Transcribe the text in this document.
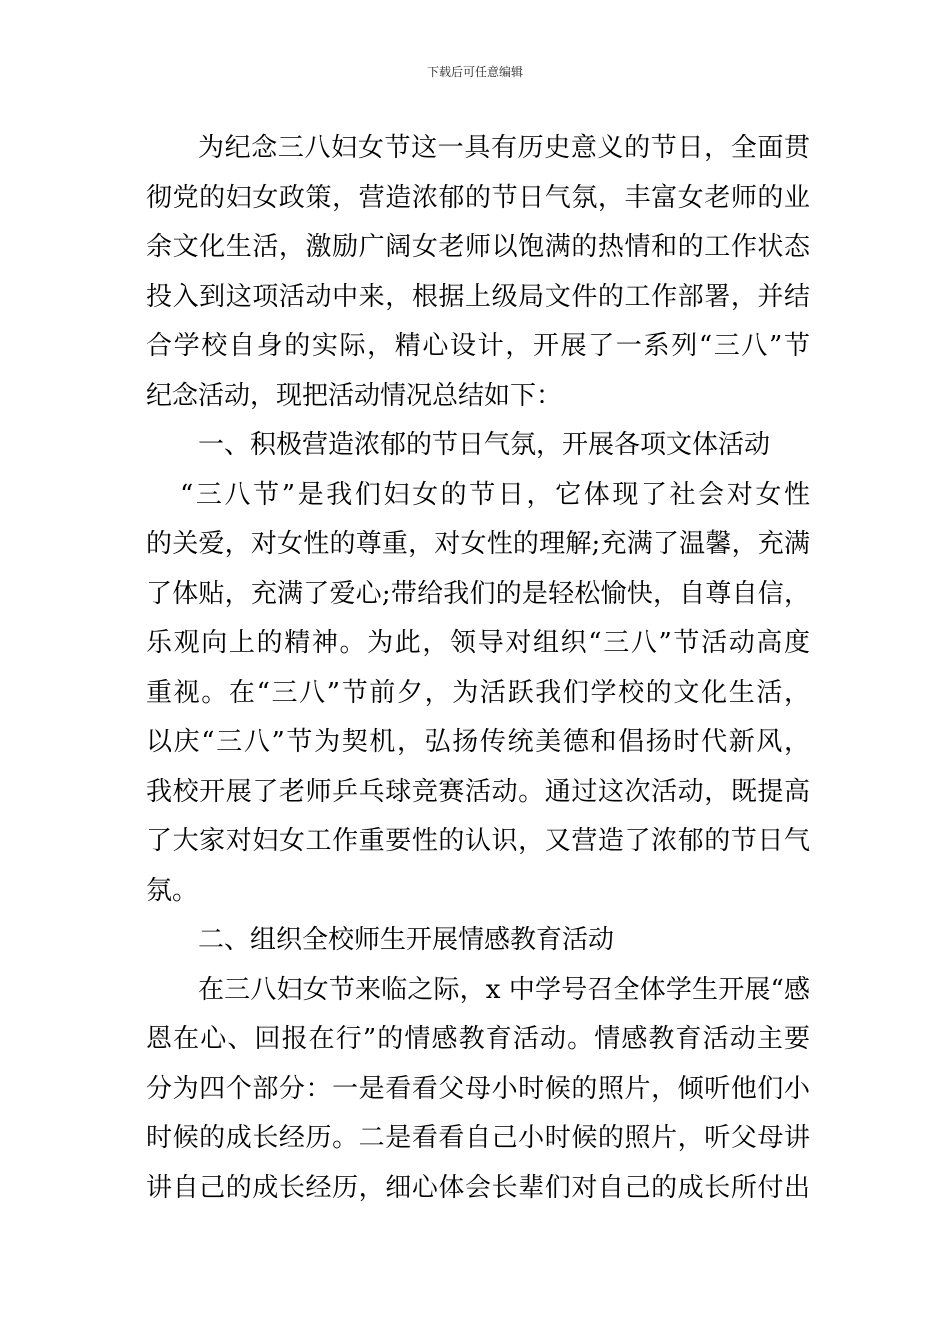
下载后可任意编辑
为纪念三八妇女节这一具有历史意义的节日，全面贯
彻党的妇女政策，营造浓郁的节日气氛，丰富女老师的业
余文化生活，激励广阔女老师以饱满的热情和的工作状态
投入到这项活动中来，根据上级局文件的工作部署，并结
合学校自身的实际，精心设计，开展了一系列“三八”节
纪念活动，现把活动情况总结如下：
一、积极营造浓郁的节日气氛，开展各项文体活动
“三八节”是我们妇女的节日，它体现了社会对女性
的关爱，对女性的尊重，对女性的理解;充满了温馨，充满
了体贴，充满了爱心;带给我们的是轻松愉快，自尊自信，
乐观向上的精神。为此，领导对组织“三八”节活动高度
重视。在“三八”节前夕，为活跃我们学校的文化生活，
以庆“三八”节为契机，弘扬传统美德和倡扬时代新风，
我校开展了老师乒乓球竞赛活动。通过这次活动，既提高
了大家对妇女工作重要性的认识，又营造了浓郁的节日气
氛。
二、组织全校师生开展情感教育活动
在三八妇女节来临之际，x 中学号召全体学生开展“感
恩在心、回报在行”的情感教育活动。情感教育活动主要
分为四个部分：一是看看父母小时候的照片，倾听他们小
时候的成长经历。二是看看自己小时候的照片，听父母讲
讲自己的成长经历，细心体会长辈们对自己的成长所付出
